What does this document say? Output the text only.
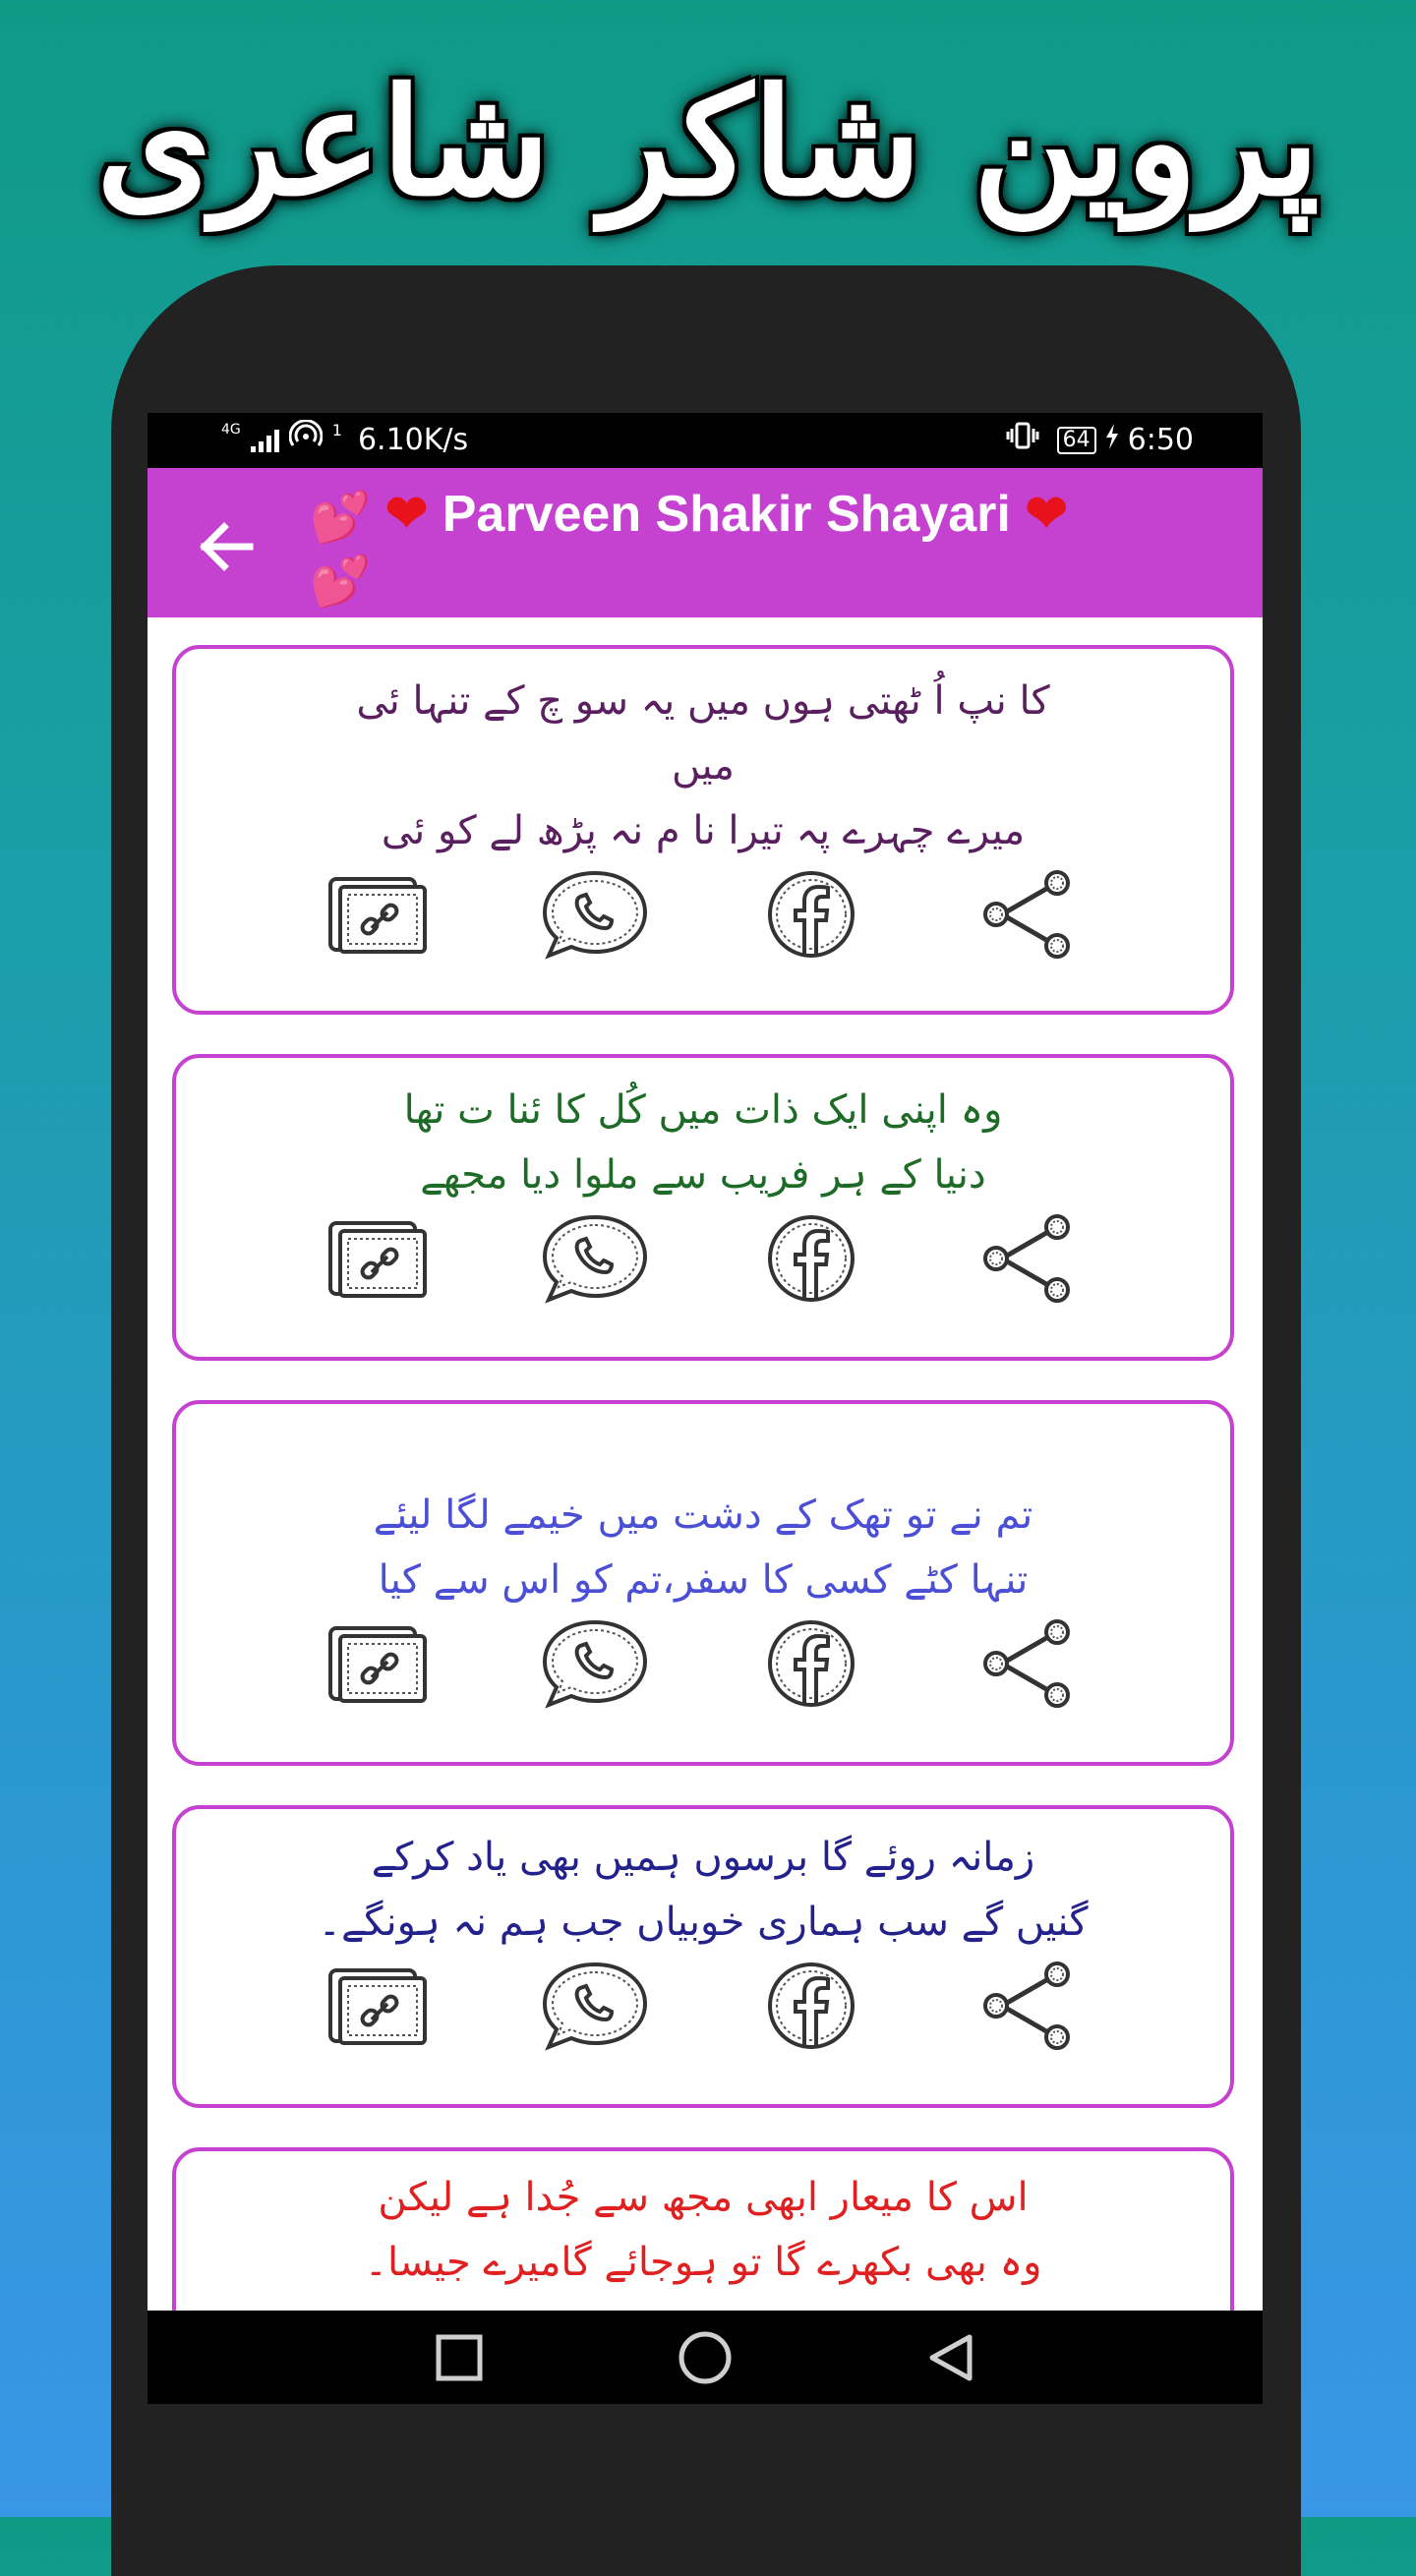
پروین شاکر شاعری
4G	1 6.10K/s	64 6:50
💕 ❤ Parveen Shakir Shayari ❤
💕

کا نپ اُ ٹھتی ہوں میں یہ سو چ کے تنہا ئی

میں

میرے چہرے پہ تیرا نا م نہ پڑھ لے کو ئی

وہ اپنی ایک ذات میں کُل کا ئنا ت تھا

دنیا کے ہر فریب سے ملوا دیا مجھے

تم نے تو تھک کے دشت میں خیمے لگا لیئے

تنہا کٹے کسی کا سفر،تم کو اس سے کیا

زمانہ روئے گا برسوں ہمیں بھی یاد کرکے

گنیں گے سب ہماری خوبیاں جب ہم نہ ہونگے۔

اس کا میعار ابھی مجھ سے جُدا ہے لیکن

وہ بھی بکھرے گا تو ہوجائے گامیرے جیسا۔
